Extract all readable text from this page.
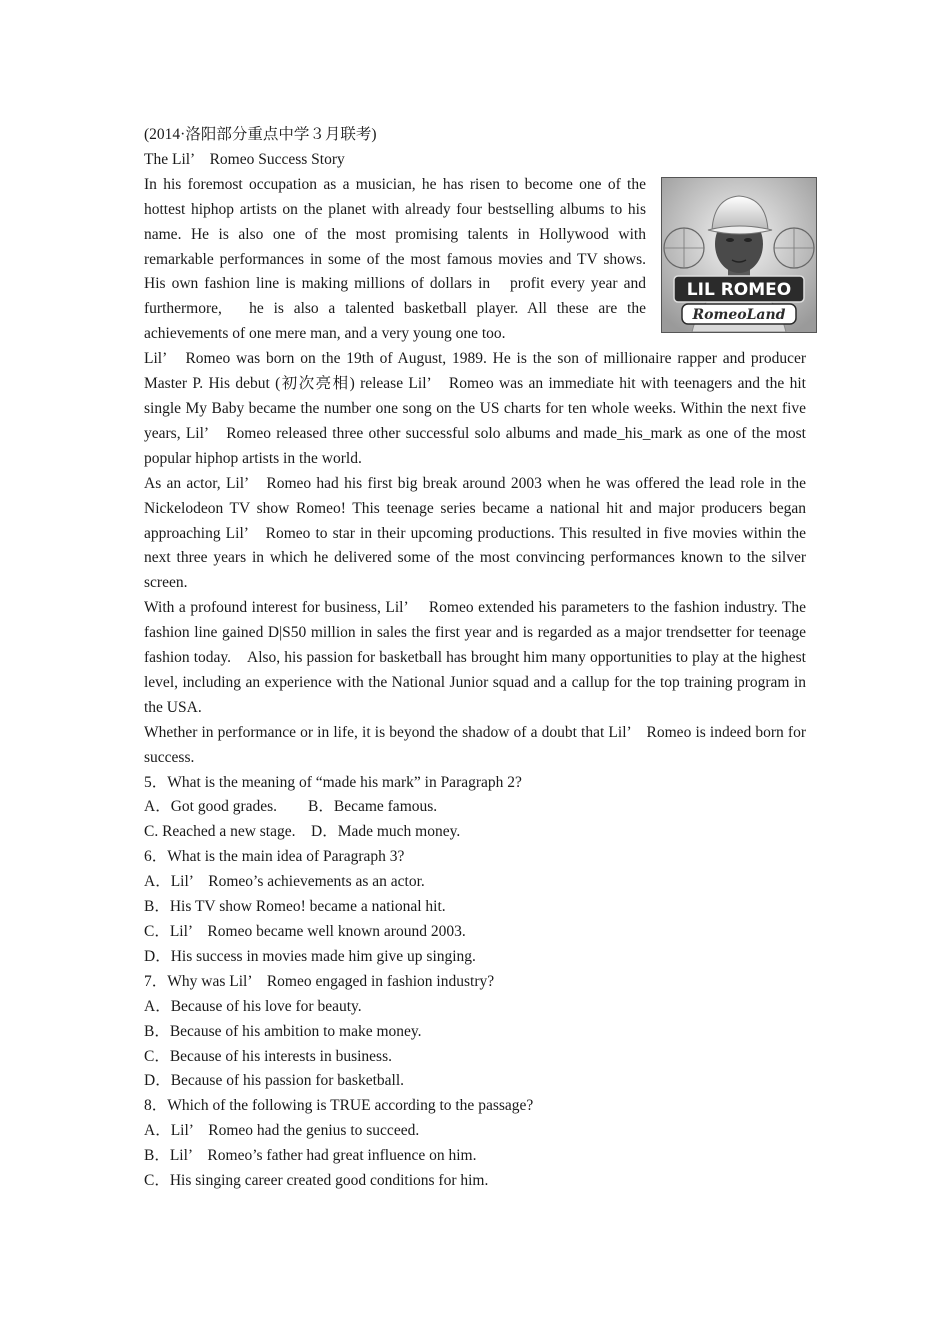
(2014·洛阳部分重点中学３月联考)

The Lil’　Romeo Success Story

In his foremost occupation as a musician, he has risen to become one of the hottest hiphop artists on the planet with already four bestselling albums to his name. He is also one of the most promising talents in Hollywood with remarkable performances in some of the most famous movies and TV shows. His own fashion line is making millions of dollars in　profit every year and furthermore,　he is also a talented basketball player. All these are the achievements of one mere man, and a very young one too.

LIL ROMEO
RomeoLand

Lil’　Romeo was born on the 19th of August, 1989. He is the son of millionaire rapper and producer Master P. His debut (初次亮相) release Lil’　Romeo was an immediate hit with teenagers and the hit single My Baby became the number one song on the US charts for ten whole weeks. Within the next five years, Lil’　Romeo released three other successful solo albums and made_his_mark as one of the most popular hiphop artists in the world.

As an actor, Lil’　Romeo had his first big break around 2003 when he was offered the lead role in the Nickelodeon TV show Romeo! This teenage series became a national hit and major producers began approaching Lil’　Romeo to star in their upcoming productions. This resulted in five movies within the next three years in which he delivered some of the most convincing performances known to the silver screen.

With a profound interest for business, Lil’　 Romeo extended his parameters to the fashion industry. The fashion line gained D|S50 million in sales the first year and is regarded as a major trendsetter for teenage fashion today.　Also, his passion for basketball has brought him many opportunities to play at the highest level, including an experience with the National Junior squad and a callup for the top training program in the USA.

Whether in performance or in life, it is beyond the shadow of a doubt that Lil’　Romeo is indeed born for success.

5．What is the meaning of “made his mark” in Paragraph 2?

A．Got good grades.　　B．Became famous.

C. Reached a new stage.　D．Made much money.

6．What is the main idea of Paragraph 3?

A．Lil’　Romeo’s achievements as an actor.

B．His TV show Romeo! became a national hit.

C．Lil’　Romeo became well known around 2003.

D．His success in movies made him give up singing.

7．Why was Lil’　Romeo engaged in fashion industry?

A．Because of his love for beauty.

B．Because of his ambition to make money.

C．Because of his interests in business.

D．Because of his passion for basketball.

8．Which of the following is TRUE according to the passage?

A．Lil’　Romeo had the genius to succeed.

B．Lil’　Romeo’s father had great influence on him.

C．His singing career created good conditions for him.
